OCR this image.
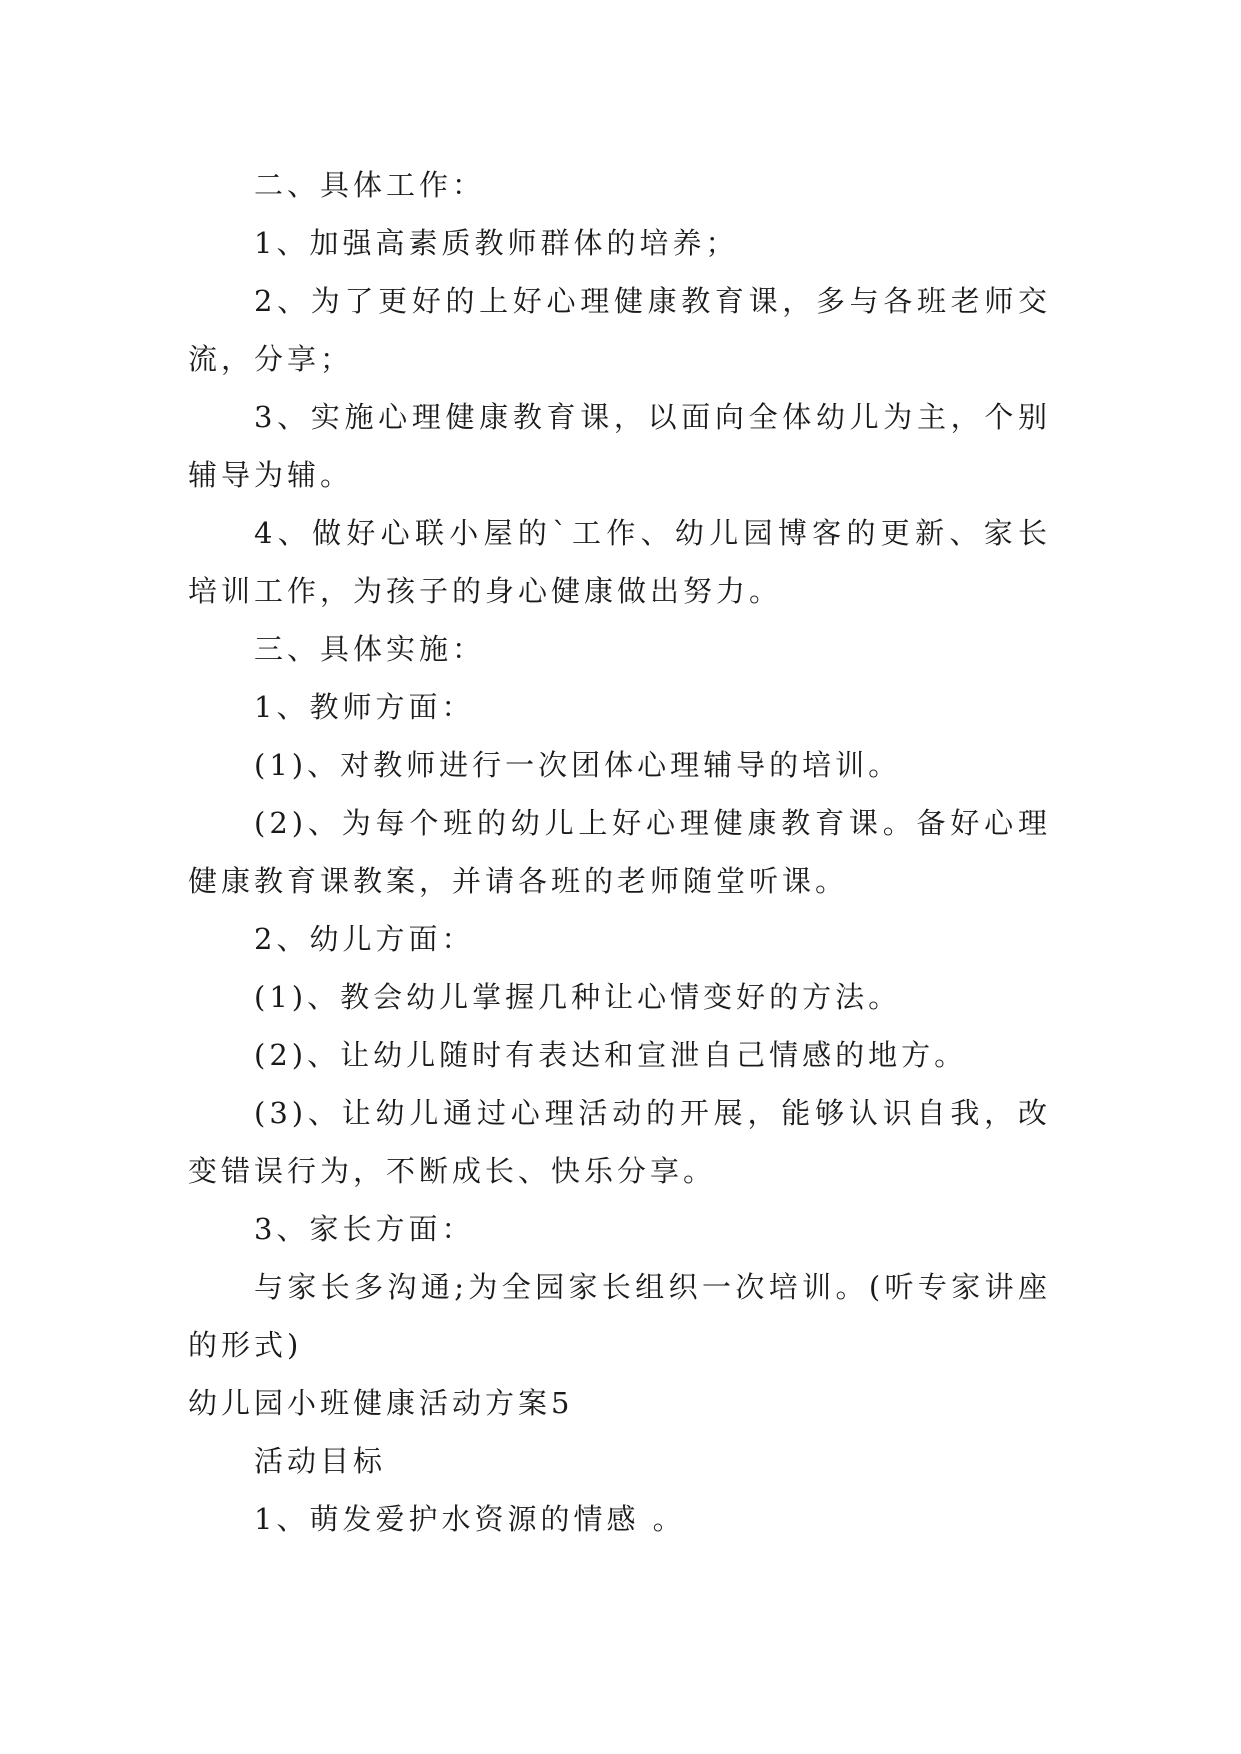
二、具体工作：

1、加强高素质教师群体的培养；

2、为了更好的上好心理健康教育课，多与各班老师交流，分享；

3、实施心理健康教育课，以面向全体幼儿为主，个别辅导为辅。

4、做好心联小屋的`工作、幼儿园博客的更新、家长培训工作，为孩子的身心健康做出努力。

三、具体实施：

1、教师方面：

(1)、对教师进行一次团体心理辅导的培训。

(2)、为每个班的幼儿上好心理健康教育课。备好心理健康教育课教案，并请各班的老师随堂听课。

2、幼儿方面：

(1)、教会幼儿掌握几种让心情变好的方法。

(2)、让幼儿随时有表达和宣泄自己情感的地方。

(3)、让幼儿通过心理活动的开展，能够认识自我，改变错误行为，不断成长、快乐分享。

3、家长方面：

与家长多沟通;为全园家长组织一次培训。(听专家讲座的形式)

幼儿园小班健康活动方案5

活动目标

1、萌发爱护水资源的情感 。
